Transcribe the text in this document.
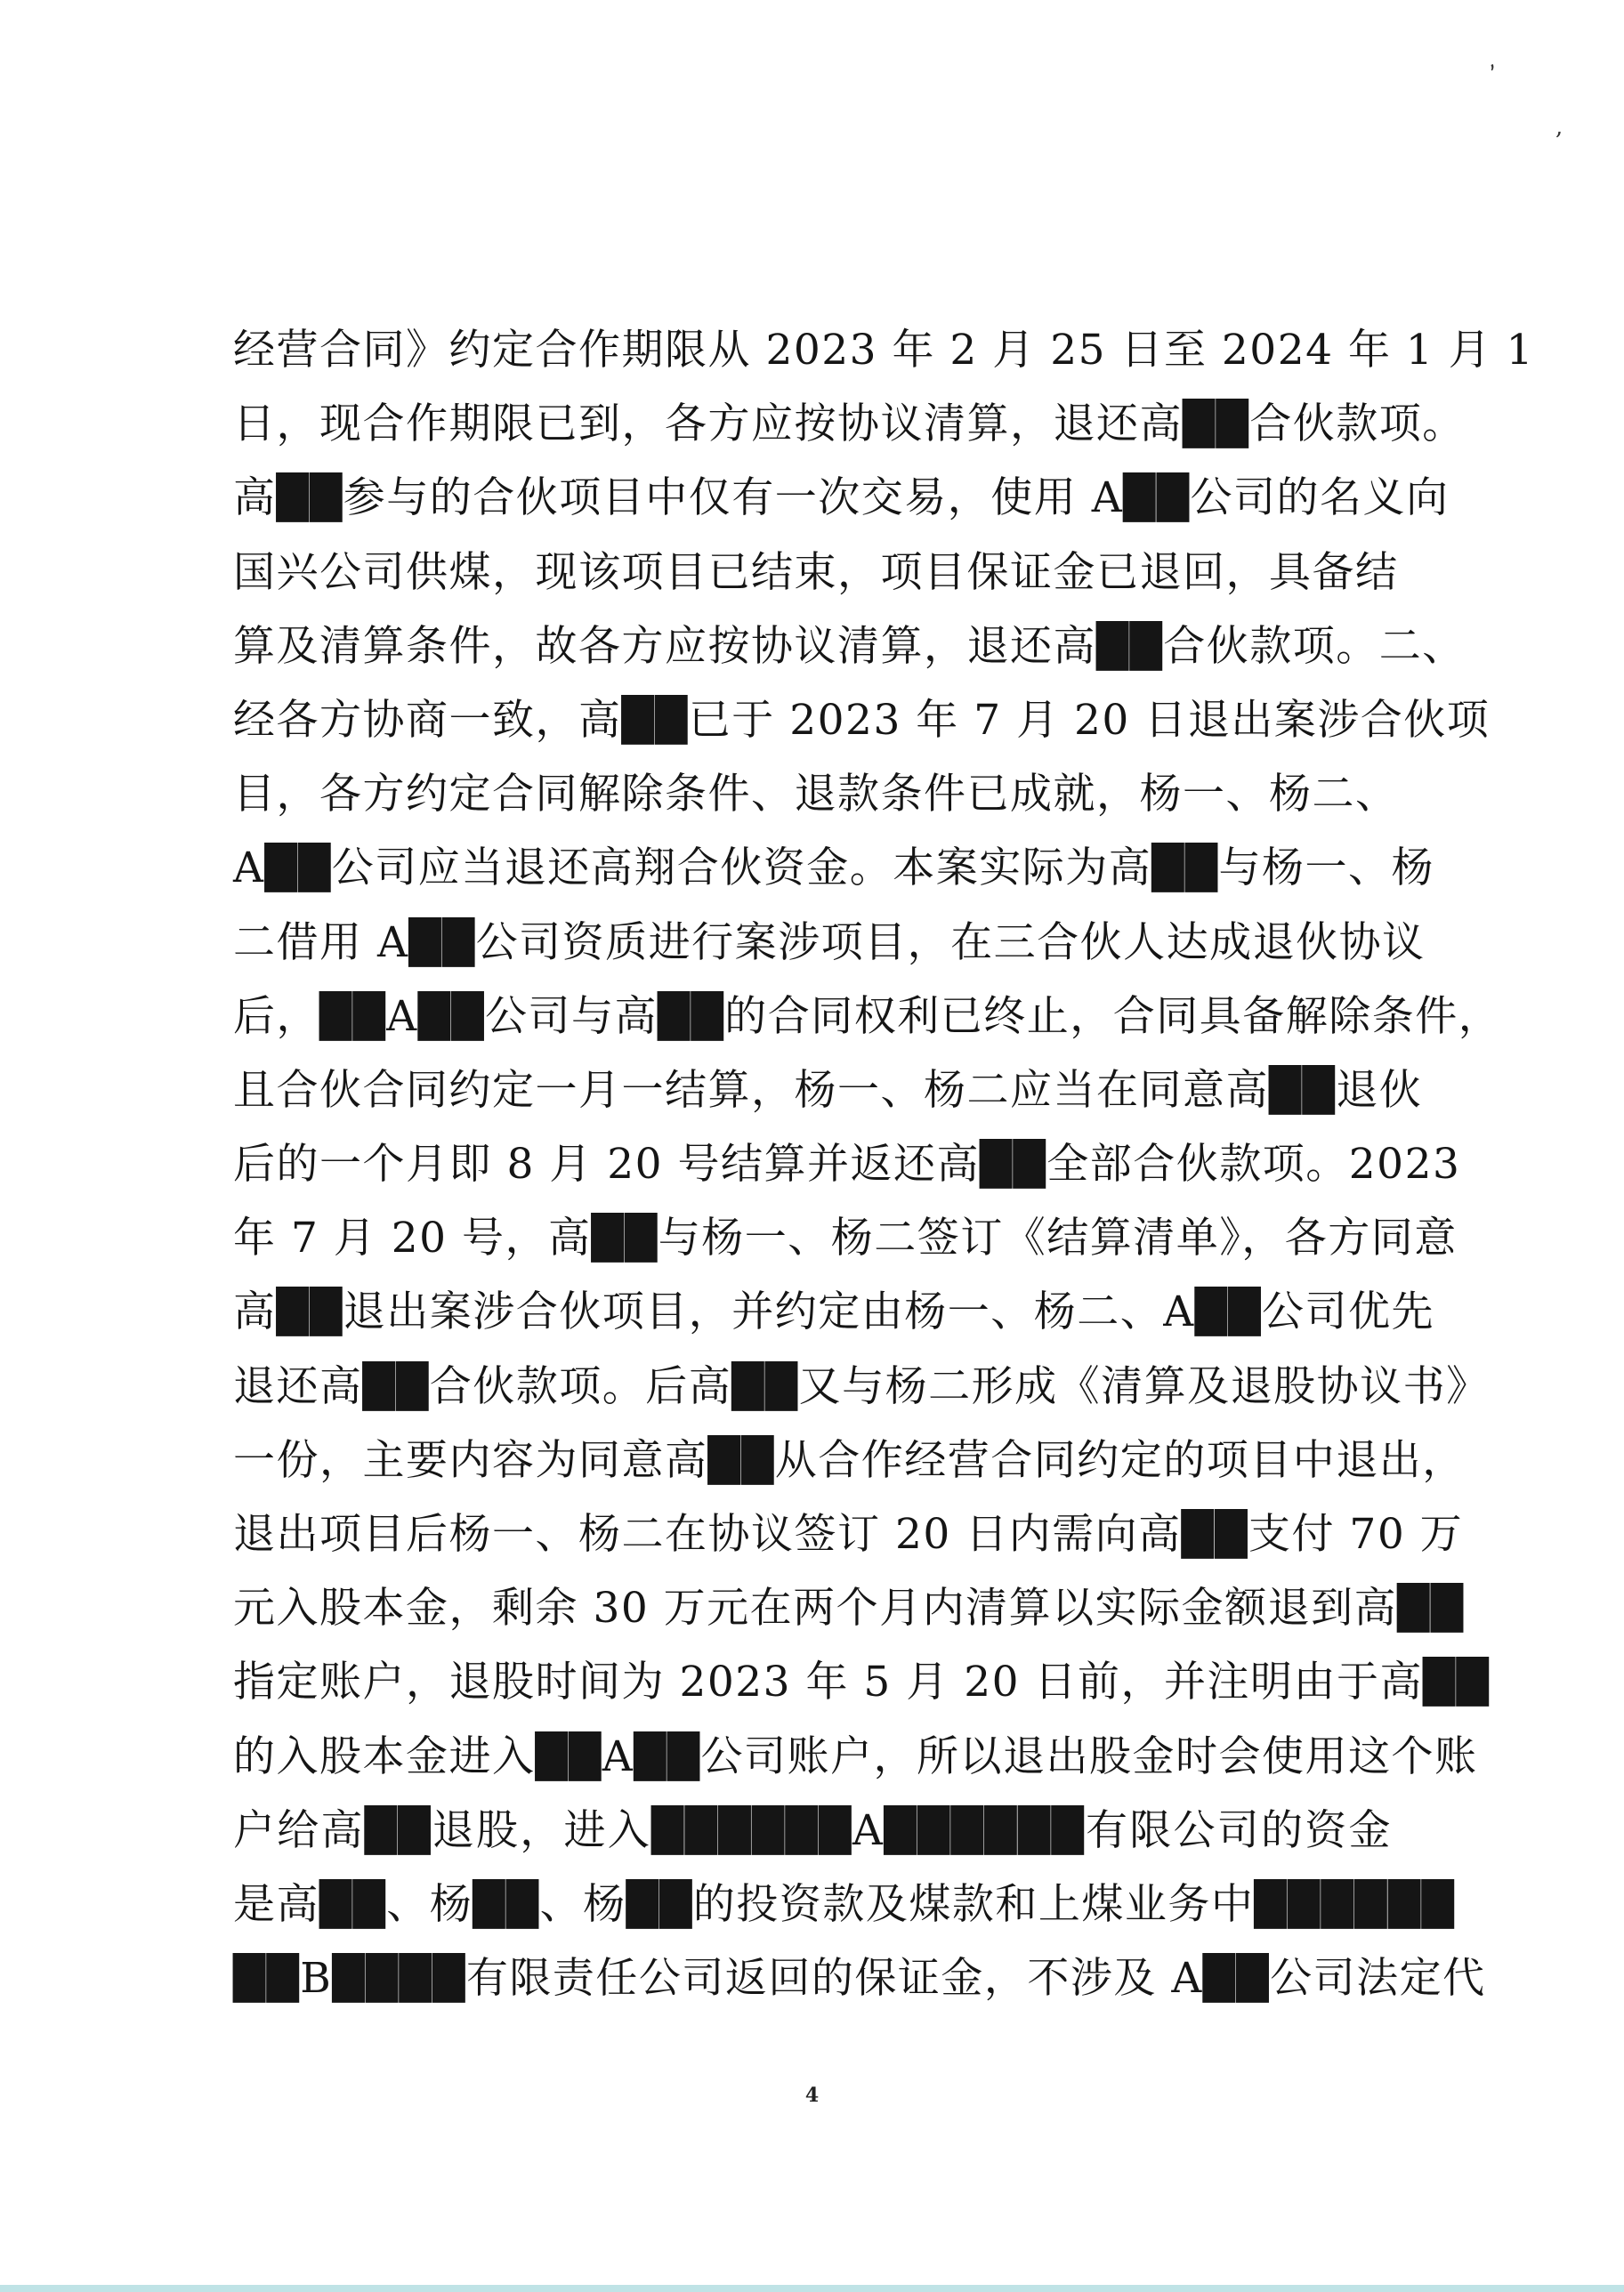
,
,
经营合同》约定合作期限从 2023 年 2 月 25 日至 2024 年 1 月 1
日，现合作期限已到，各方应按协议清算，退还高██合伙款项。
高██参与的合伙项目中仅有一次交易，使用 A██公司的名义向
国兴公司供煤，现该项目已结束，项目保证金已退回，具备结
算及清算条件，故各方应按协议清算，退还高██合伙款项。二、
经各方协商一致，高██已于 2023 年 7 月 20 日退出案涉合伙项
目，各方约定合同解除条件、退款条件已成就，杨一、杨二、
A██公司应当退还高翔合伙资金。本案实际为高██与杨一、杨
二借用 A██公司资质进行案涉项目，在三合伙人达成退伙协议
后，██A██公司与高██的合同权利已终止，合同具备解除条件，
且合伙合同约定一月一结算，杨一、杨二应当在同意高██退伙
后的一个月即 8 月 20 号结算并返还高██全部合伙款项。2023
年 7 月 20 号，高██与杨一、杨二签订《结算清单》，各方同意
高██退出案涉合伙项目，并约定由杨一、杨二、A██公司优先
退还高██合伙款项。后高██又与杨二形成《清算及退股协议书》
一份，主要内容为同意高██从合作经营合同约定的项目中退出，
退出项目后杨一、杨二在协议签订 20 日内需向高██支付 70 万
元入股本金，剩余 30 万元在两个月内清算以实际金额退到高██
指定账户，退股时间为 2023 年 5 月 20 日前，并注明由于高██
的入股本金进入██A██公司账户，所以退出股金时会使用这个账
户给高██退股，进入██████A██████有限公司的资金
是高██、杨██、杨██的投资款及煤款和上煤业务中██████
██B████有限责任公司返回的保证金，不涉及 A██公司法定代
4
